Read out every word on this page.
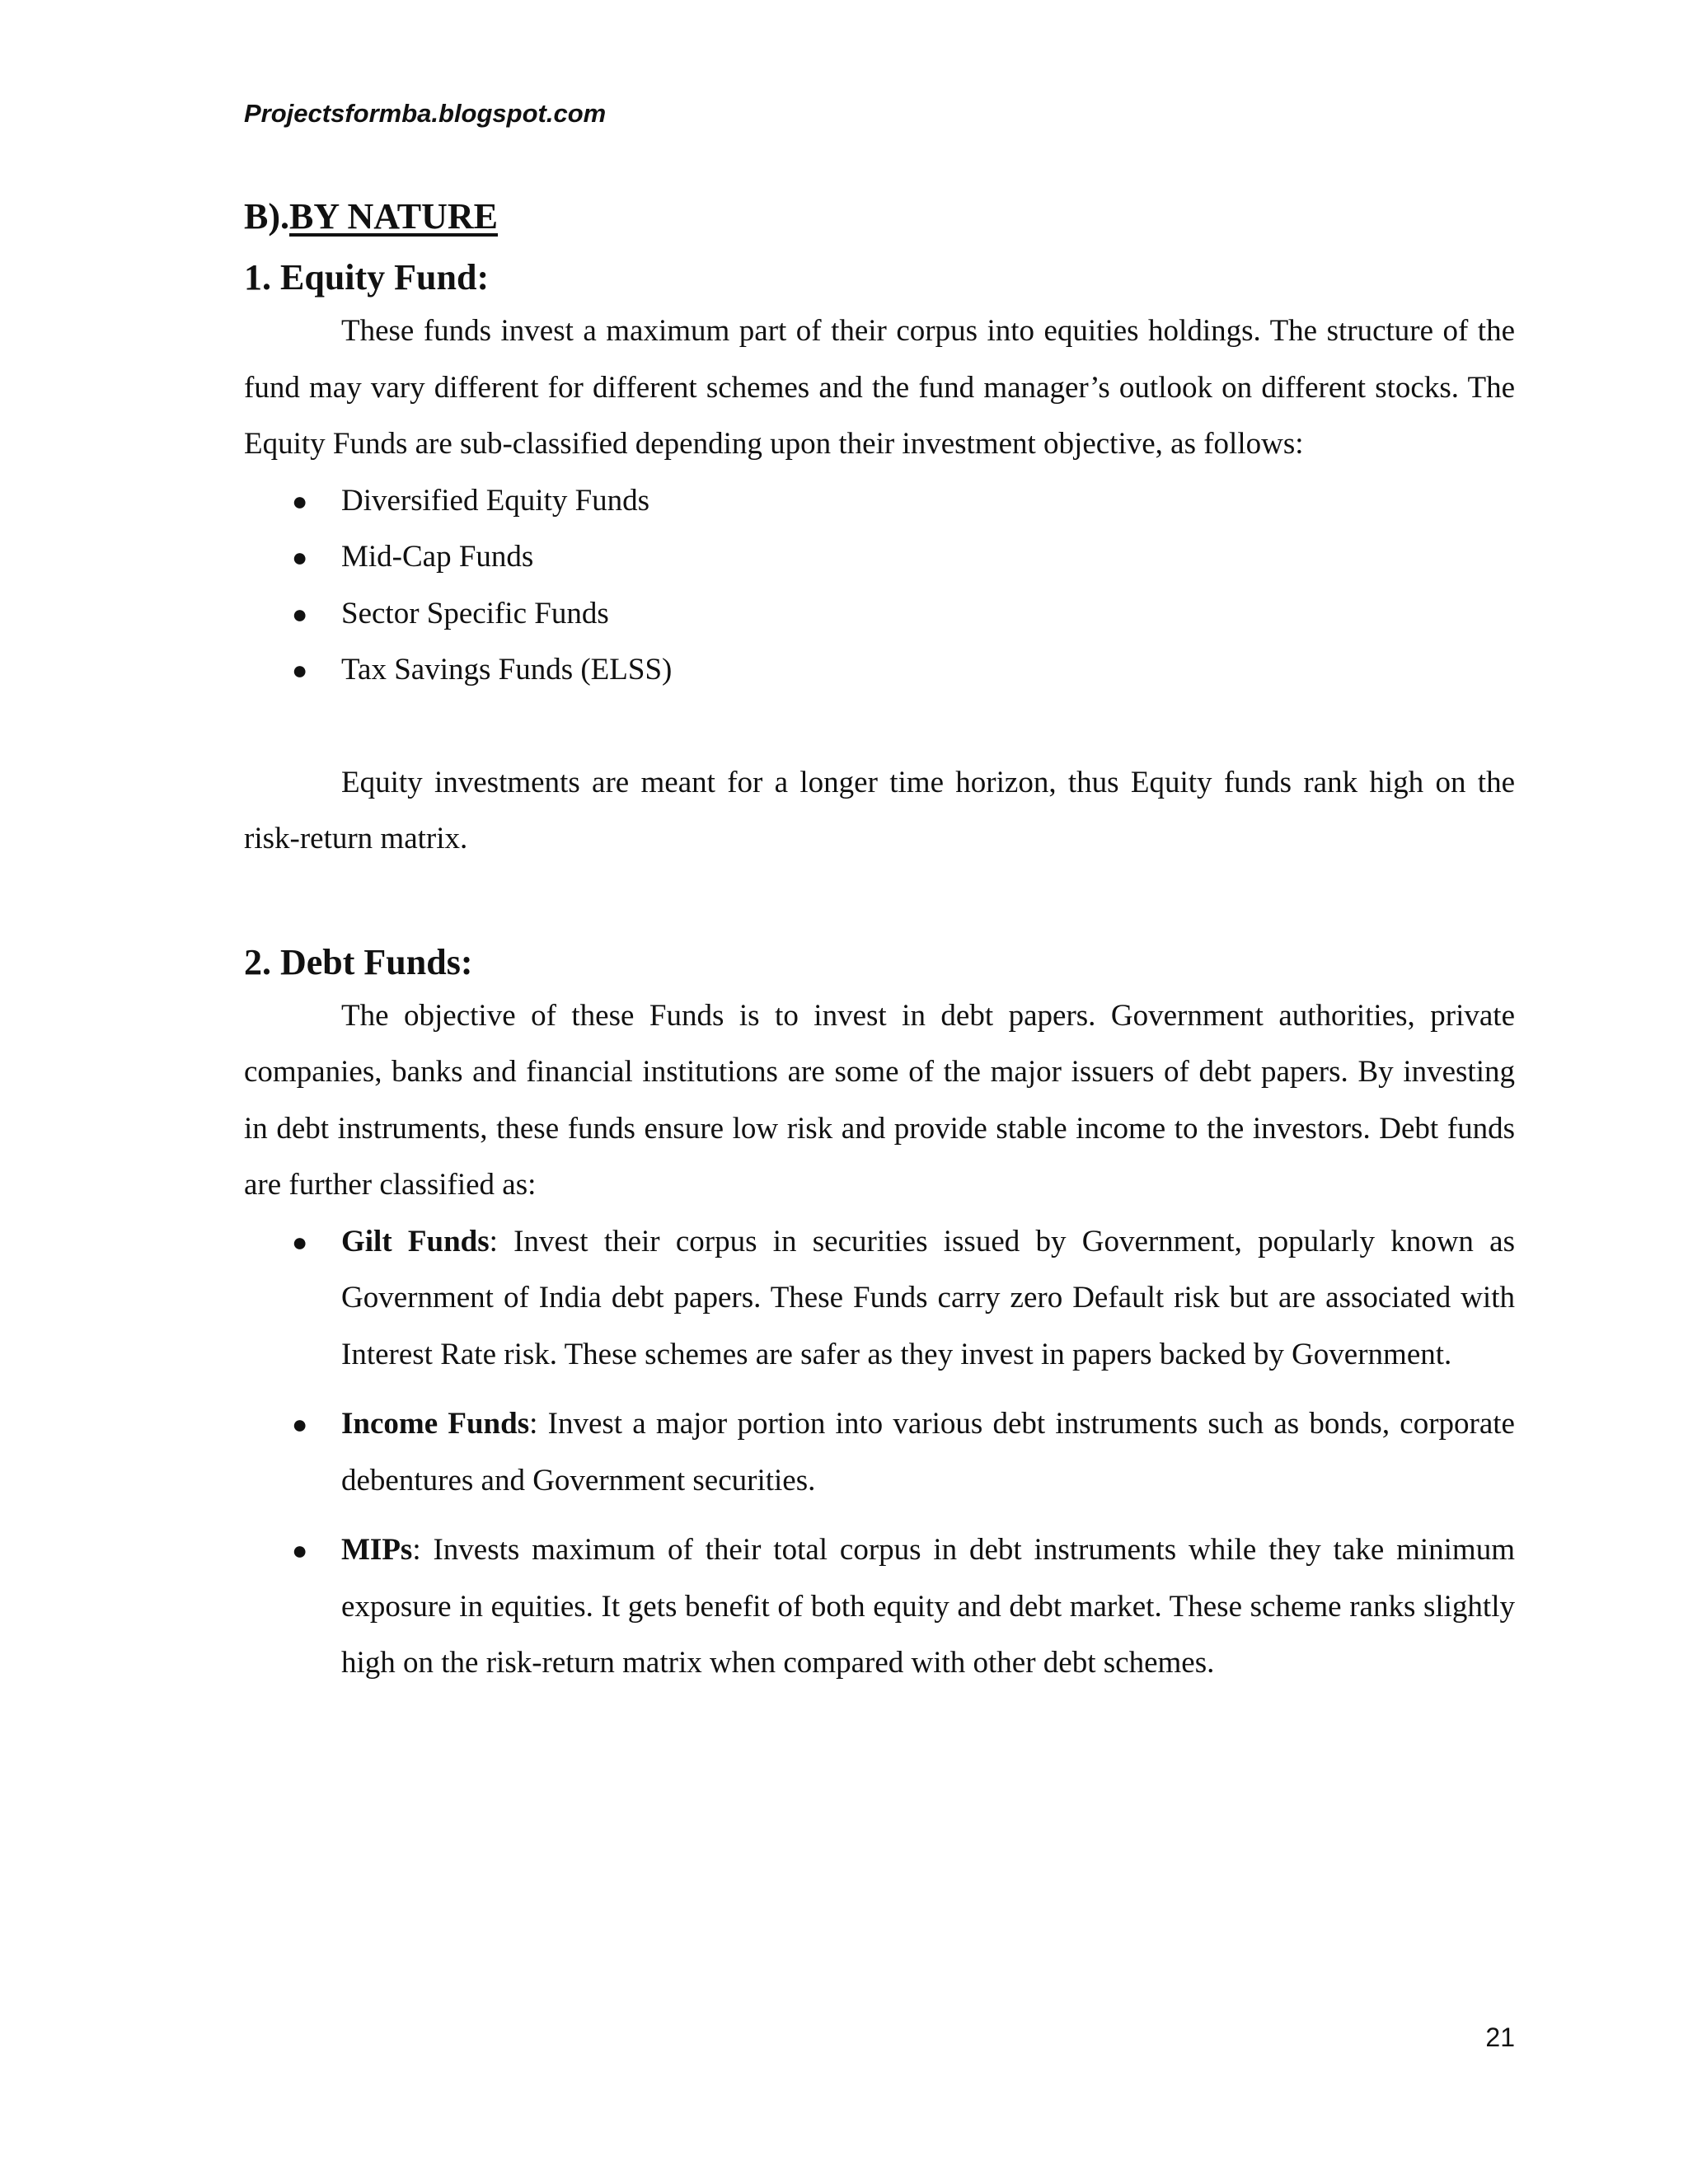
Projectsformba.blogspot.com
B).BY NATURE
1. Equity Fund:

These funds invest a maximum part of their corpus into equities holdings. The structure of the fund may vary different for different schemes and the fund manager’s outlook on different stocks. The Equity Funds are sub-classified depending upon their investment objective, as follows:

● Diversified Equity Funds
● Mid-Cap Funds
● Sector Specific Funds
● Tax Savings Funds (ELSS)

Equity investments are meant for a longer time horizon, thus Equity funds rank high on the risk-return matrix.

2. Debt Funds:

The objective of these Funds is to invest in debt papers. Government authorities, private companies, banks and financial institutions are some of the major issuers of debt papers. By investing in debt instruments, these funds ensure low risk and provide stable income to the investors. Debt funds are further classified as:

● Gilt Funds: Invest their corpus in securities issued by Government, popularly known as Government of India debt papers. These Funds carry zero Default risk but are associated with Interest Rate risk. These schemes are safer as they invest in papers backed by Government.
● Income Funds: Invest a major portion into various debt instruments such as bonds, corporate debentures and Government securities.
● MIPs: Invests maximum of their total corpus in debt instruments while they take minimum exposure in equities. It gets benefit of both equity and debt market. These scheme ranks slightly high on the risk-return matrix when compared with other debt schemes.
21
